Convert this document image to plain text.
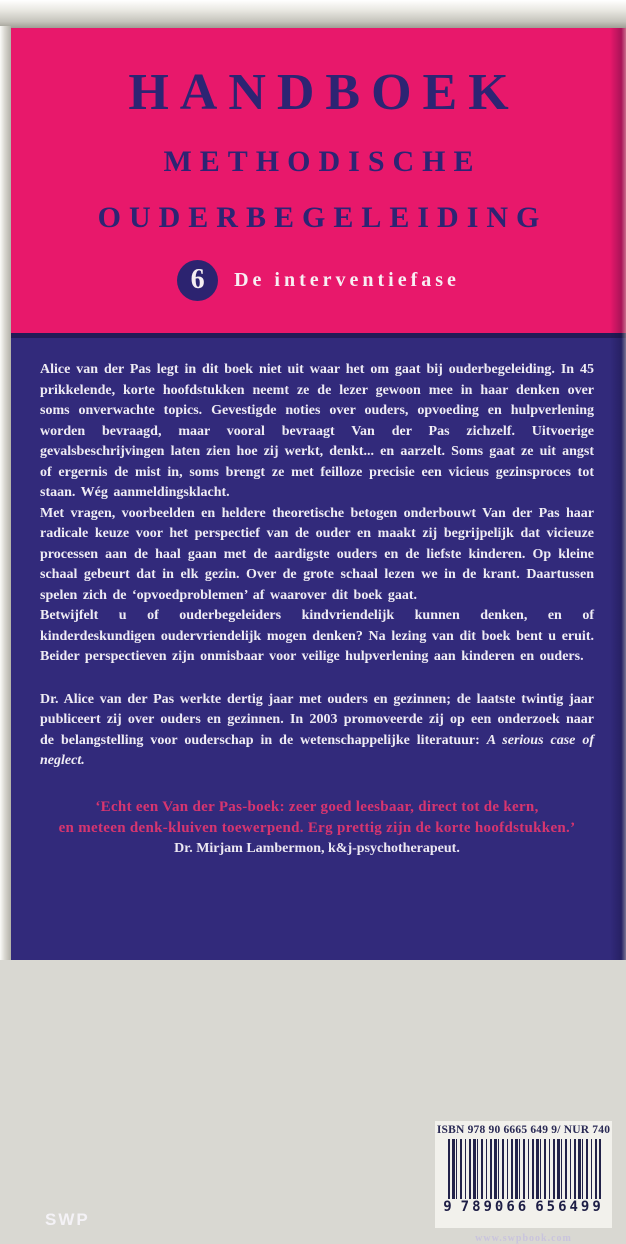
HANDBOEK
METHODISCHE
OUDERBEGELEIDING
6	De interventiefase

Alice van der Pas legt in dit boek niet uit waar het om gaat bij ouderbegeleiding. In 45 prikkelende, korte hoofdstukken neemt ze de lezer gewoon mee in haar denken over soms onverwachte topics. Gevestigde noties over ouders, opvoeding en hulpverlening worden bevraagd, maar vooral bevraagt Van der Pas zichzelf. Uitvoerige gevalsbeschrijvingen laten zien hoe zij werkt, denkt... en aarzelt. Soms gaat ze uit angst of ergernis de mist in, soms brengt ze met feilloze precisie een vicieus gezinsproces tot staan. Wég aanmeldingsklacht.

Met vragen, voorbeelden en heldere theoretische betogen onderbouwt Van der Pas haar radicale keuze voor het perspectief van de ouder en maakt zij begrijpelijk dat vicieuze processen aan de haal gaan met de aardigste ouders en de liefste kinderen. Op kleine schaal gebeurt dat in elk gezin. Over de grote schaal lezen we in de krant. Daartussen spelen zich de ‘opvoedproblemen’ af waarover dit boek gaat.

Betwijfelt u of ouderbegeleiders kindvriendelijk kunnen denken, en of kinderdeskundigen oudervriendelijk mogen denken? Na lezing van dit boek bent u eruit. Beider perspectieven zijn onmisbaar voor veilige hulpverlening aan kinderen en ouders.

Dr. Alice van der Pas werkte dertig jaar met ouders en gezinnen; de laatste twintig jaar publiceert zij over ouders en gezinnen. In 2003 promoveerde zij op een onderzoek naar de belangstelling voor ouderschap in de wetenschappelijke literatuur: A serious case of neglect.

‘Echt een Van der Pas-boek: zeer goed leesbaar, direct tot de kern,
en meteen denk-kluiven toewerpend. Erg prettig zijn de korte hoofdstukken.’
Dr. Mirjam Lambermon, k&j-psychotherapeut.
ISBN 978 90 6665 649 9/ NUR 740
9 789066 656499
www.swpbook.com
SWP
